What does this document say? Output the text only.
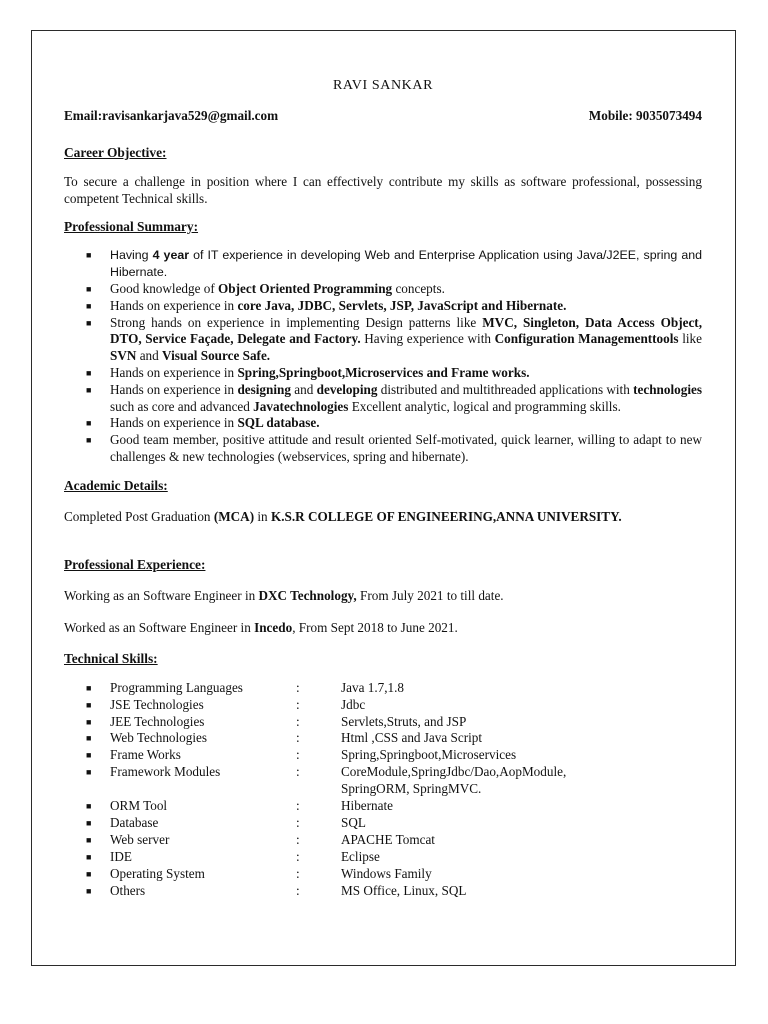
RAVI SANKAR
Email:ravisankarjava529@gmail.com	Mobile: 9035073494
Career Objective:
To secure a challenge in position where I can effectively contribute my skills as software professional, possessing competent Technical skills.
Professional Summary:
■ Having 4 year of IT experience in developing Web and Enterprise Application using Java/J2EE, spring and Hibernate.
■ Good knowledge of Object Oriented Programming concepts.
■ Hands on experience in core Java, JDBC, Servlets, JSP, JavaScript and Hibernate.
■ Strong hands on experience in implementing Design patterns like MVC, Singleton, Data Access Object, DTO, Service Façade, Delegate and Factory. Having experience with Configuration Managementtools like SVN and Visual Source Safe.
■ Hands on experience in Spring,Springboot,Microservices and Frame works.
■ Hands on experience in designing and developing distributed and multithreaded applications with technologies such as core and advanced Javatechnologies Excellent analytic, logical and programming skills.
■ Hands on experience in SQL database.
■ Good team member, positive attitude and result oriented Self-motivated, quick learner, willing to adapt to new challenges & new technologies (webservices, spring and hibernate).
Academic Details:
Completed Post Graduation (MCA) in K.S.R COLLEGE OF ENGINEERING,ANNA UNIVERSITY.
Professional Experience:
Working as an Software Engineer in DXC Technology, From July 2021 to till date.
Worked as an Software Engineer in Incedo, From Sept 2018 to June 2021.
Technical Skills:
■	Programming Languages	:	Java 1.7,1.8

■	JSE Technologies	:	Jdbc

■	JEE Technologies	:	Servlets,Struts, and JSP

■	Web Technologies	:	Html ,CSS and Java Script

■	Frame Works	:	Spring,Springboot,Microservices

■	Framework Modules	:	CoreModule,SpringJdbc/Dao,AopModule,
SpringORM, SpringMVC.

■	ORM Tool	:	Hibernate

■	Database	:	SQL

■	Web server	:	APACHE Tomcat

■	IDE	:	Eclipse

■	Operating System	:	Windows Family

■	Others	:	MS Office, Linux, SQL
